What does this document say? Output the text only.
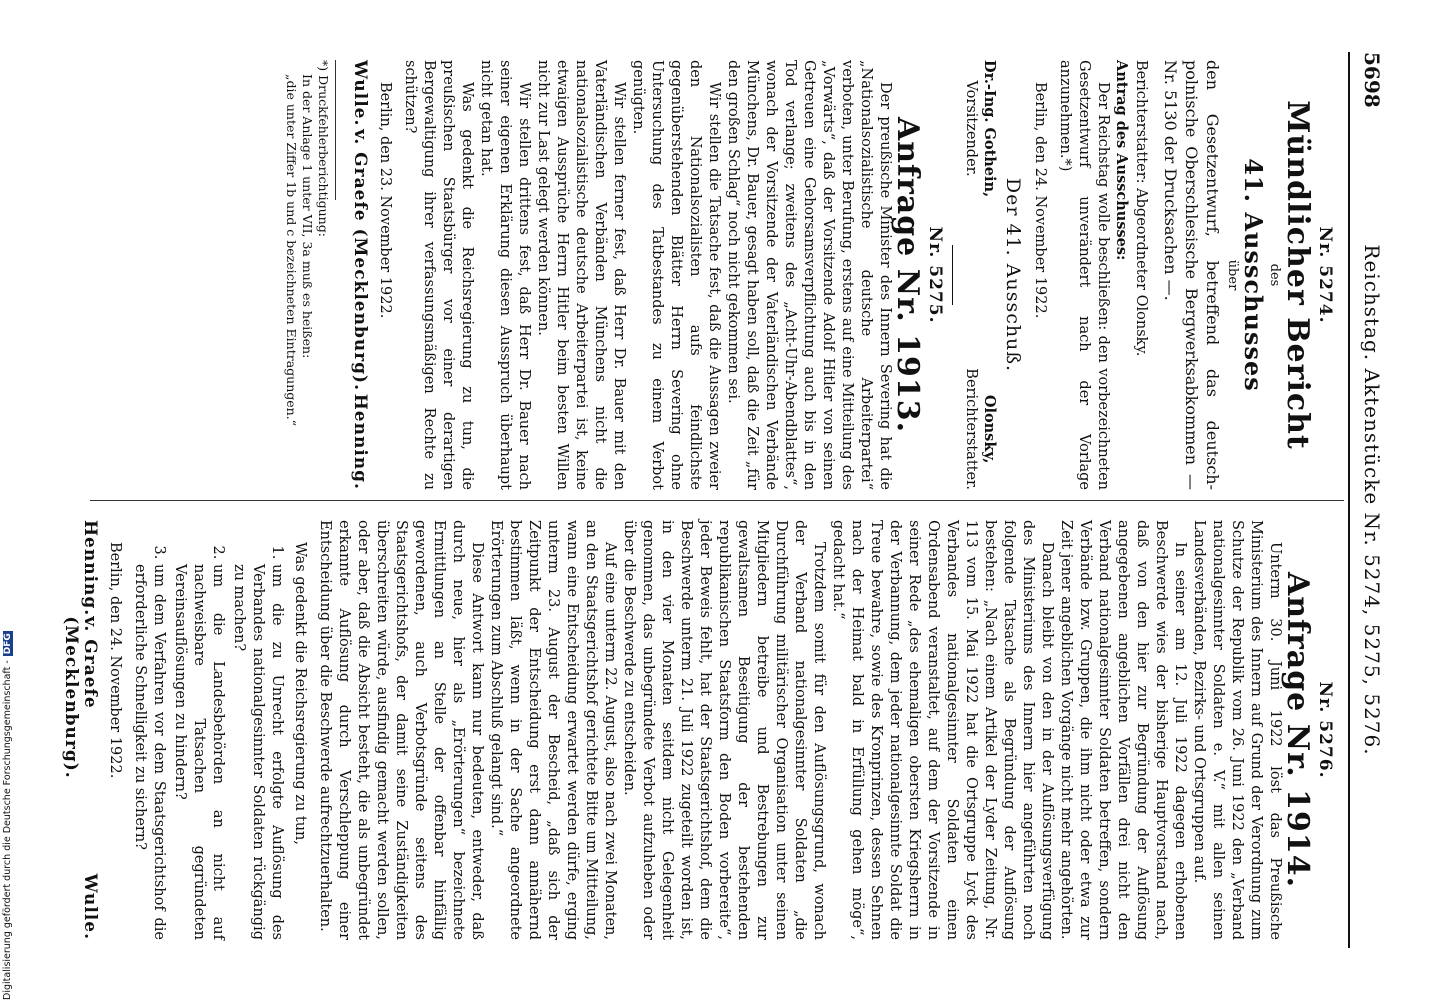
5698
Reichstag. Aktenstücke Nr. 5274, 5275, 5276.
Nr. 5274.
Mündlicher Bericht
des
41. Ausschusses
über

den Gesetzentwurf, betreffend das deutsch-polnische Oberschlesische Bergwerksabkommen — Nr. 5130 der Drucksachen —.

Berichterstatter: Abgeordneter Olonsky.

Antrag des Ausschusses:

Der Reichstag wolle beschließen: den vorbezeichneten Gesetzentwurf unverändert nach der Vorlage anzunehmen.*)

Berlin, den 24. November 1922.

Der 41. Ausschuß.
Dr.-Ing. Gothein,
Vorsitzender.
Olonsky,
Berichterstatter.
Nr. 5275.
Anfrage Nr. 1913.

Der preußische Minister des Innern Severing hat die „Nationalsozialistische deutsche Arbeiterpartei“ verboten, unter Berufung, erstens auf eine Mitteilung des „Vorwärts“, daß der Vorsitzende Adolf Hitler von seinen Getreuen eine Gehorsamsverpflichtung auch bis in den Tod verlange; zweitens des „Acht-Uhr-Abendblattes“, wonach der Vorsitzende der Vaterländischen Verbände Münchens, Dr. Bauer, gesagt haben soll, daß die Zeit „für den großen Schlag“ noch nicht gekommen sei.

Wir stellen die Tatsache fest, daß die Aussagen zweier den Nationalsozialisten aufs feindlichste gegenüberstehenden Blätter Herrn Severing ohne Untersuchung des Tatbestandes zu einem Verbot genügten.

Wir stellen ferner fest, daß Herr Dr. Bauer mit den Vaterländischen Verbänden Münchens nicht die nationalsozialistische deutsche Arbeiterpartei ist, keine etwaigen Aussprüche Herrn Hitler beim besten Willen nicht zur Last gelegt werden können.

Wir stellen drittens fest, daß Herr Dr. Bauer nach seiner eigenen Erklärung diesen Ausspruch überhaupt nicht getan hat.

Was gedenkt die Reichsregierung zu tun, die preußischen Staatsbürger vor einer derartigen Bergewaltigung ihrer verfassungsmäßigen Rechte zu schützen?

Berlin, den 23. November 1922.

Wulle.
v. Graefe (Mecklenburg).
Henning.

*) Druckfehlerberichtigung:

In der Anlage 1 unter VII, 3a muß es heißen:

„die unter Ziffer 1b und c bezeichneten Eintragungen.“

Nr. 5276.
Anfrage Nr. 1914.

Unterm 30. Juni 1922 löst das Preußische Ministerium des Innern auf Grund der Verordnung zum Schutze der Republik vom 26. Juni 1922 den „Verband nationalgesinnter Soldaten e. V.“ mit allen seinen Landesverbänden, Bezirks- und Ortsgruppen auf.

In seiner am 12. Juli 1922 dagegen erhobenen Beschwerde wies der bisherige Hauptvorstand nach, daß von den hier zur Begründung der Auflösung angegebenen angeblichen Vorfällen drei nicht den Verband nationalgesinnter Soldaten betreffen, sondern Verbände bzw. Gruppen, die ihm nicht oder etwa zur Zeit jener angeblichen Vorgänge nicht mehr angehörten.

Danach bleibt von den in der Auflösungsverfügung des Ministeriums des Innern hier angeführten noch folgende Tatsache als Begründung der Auflösung bestehen: „Nach einem Artikel der Lyder Zeitung, Nr. 113 vom 15. Mai 1922 hat die Ortsgruppe Lyck des Verbandes nationalgesinnter Soldaten einen Ordensabend veranstaltet, auf dem der Vorsitzende in seiner Rede „des ehemaligen obersten Kriegsherrn in der Verbannung, dem jeder nationalgesinnte Soldat die Treue bewahre, sowie des Kronprinzen, dessen Sehnen nach der Heimat bald in Erfüllung gehen möge“, gedacht hat.“

Trotzdem somit für den Auflösungsgrund, wonach der Verband nationalgesinnter Soldaten „die Durchführung militärischer Organisation unter seinen Mitgliedern betreibe und Bestrebungen zur gewaltsamen Beseitigung der bestehenden republikanischen Staatsform den Boden vorbereite“, jeder Beweis fehlt, hat der Staatsgerichtshof, dem die Beschwerde unterm 21. Juli 1922 zugeteilt worden ist, in den vier Monaten seitdem nicht Gelegenheit genommen, das unbegründete Verbot aufzuheben oder über die Beschwerde zu entscheiden.

Auf eine unterm 22. August, also nach zwei Monaten, an den Staatsgerichtshof gerichtete Bitte um Mitteilung, wann eine Entscheidung erwartet werden dürfe, erging unterm 23. August der Bescheid, „daß sich der Zeitpunkt der Entscheidung erst dann annähernd bestimmen läßt, wenn in der Sache angeordnete Erörterungen zum Abschluß gelangt sind.“

Diese Antwort kann nur bedeuten, entweder, daß durch neue, hier als „Erörterungen“ bezeichnete Ermittlungen an Stelle der offenbar hinfällig gewordenen, auch Verbotsgründe seitens des Staatsgerichtshofs, der damit seine Zuständigkeiten überschreiten würde, ausfindig gemacht werden sollen, oder aber, daß die Absicht besteht, die als unbegründet erkannte Auflösung durch Verschleppung einer Entscheidung über die Beschwerde aufrechtzuerhalten.

Was gedenkt die Reichsregierung zu tun,

1. um die zu Unrecht erfolgte Auflösung des Verbandes nationalgesinnter Soldaten rückgängig zu machen?
2. um die Landesbehörden an nicht auf nachweisbare Tatsachen gegründeten Vereinsauflösungen zu hindern?
3. um dem Verfahren vor dem Staatsgerichtshof die erforderliche Schnelligkeit zu sichern?

Berlin, den 24. November 1922.

Henning.
v. Graefe (Mecklenburg).
Wulle.
Digitalisierung gefördert durch die Deutsche Forschungsgemeinschaft -DFG
